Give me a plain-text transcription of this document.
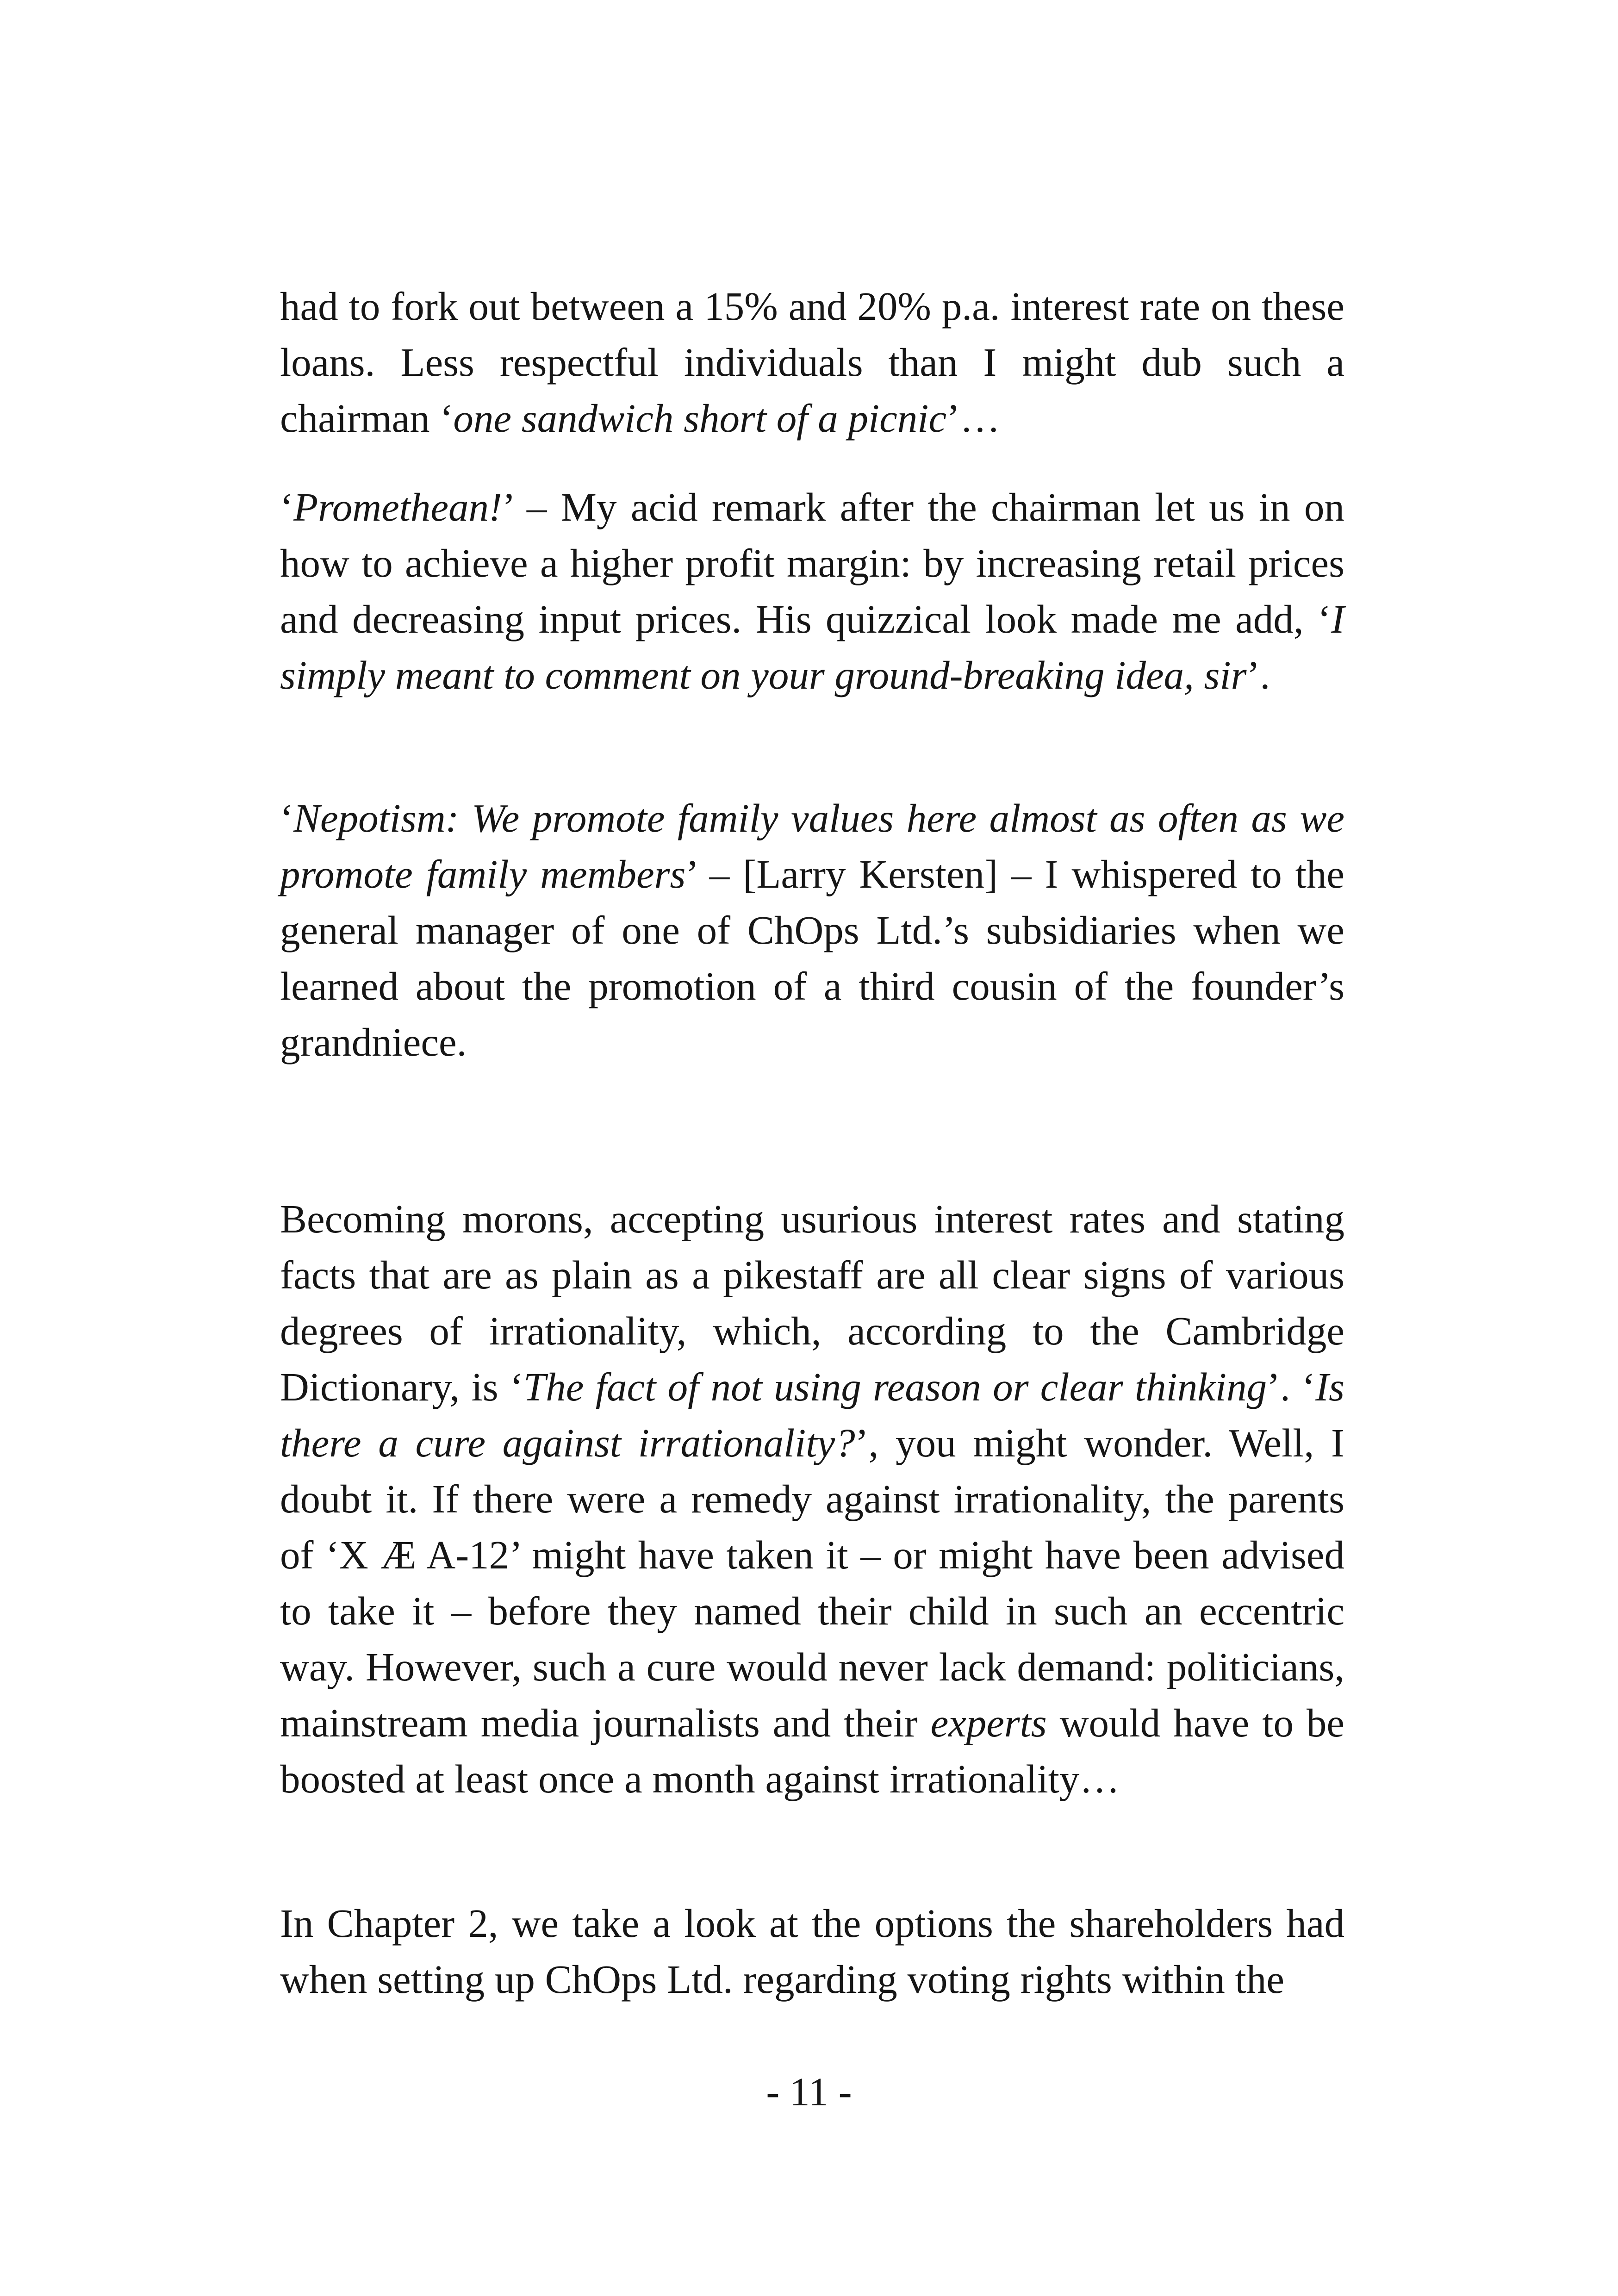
had to fork out between a 15% and 20% p.a. interest rate on these loans. Less respectful individuals than I might dub such a chairman ‘one sandwich short of a picnic’…

‘Promethean!’ – My acid remark after the chairman let us in on how to achieve a higher profit margin: by increasing retail prices and decreasing input prices. His quizzical look made me add, ‘I simply meant to comment on your ground-breaking idea, sir’.

‘Nepotism: We promote family values here almost as often as we promote family members’ – [Larry Kersten] – I whispered to the general manager of one of ChOps Ltd.’s subsidiaries when we learned about the promotion of a third cousin of the founder’s grandniece.

Becoming morons, accepting usurious interest rates and stating facts that are as plain as a pikestaff are all clear signs of various degrees of irrationality, which, according to the Cambridge Dictionary, is ‘The fact of not using reason or clear thinking’. ‘Is there a cure against irrationality?’, you might wonder. Well, I doubt it. If there were a remedy against irrationality, the parents of ‘X Æ A-12’ might have taken it – or might have been advised to take it – before they named their child in such an eccentric way. However, such a cure would never lack demand: politicians, mainstream media journalists and their experts would have to be boosted at least once a month against irrationality…

In Chapter 2, we take a look at the options the shareholders had when setting up ChOps Ltd. regarding voting rights within the

- 11 -
